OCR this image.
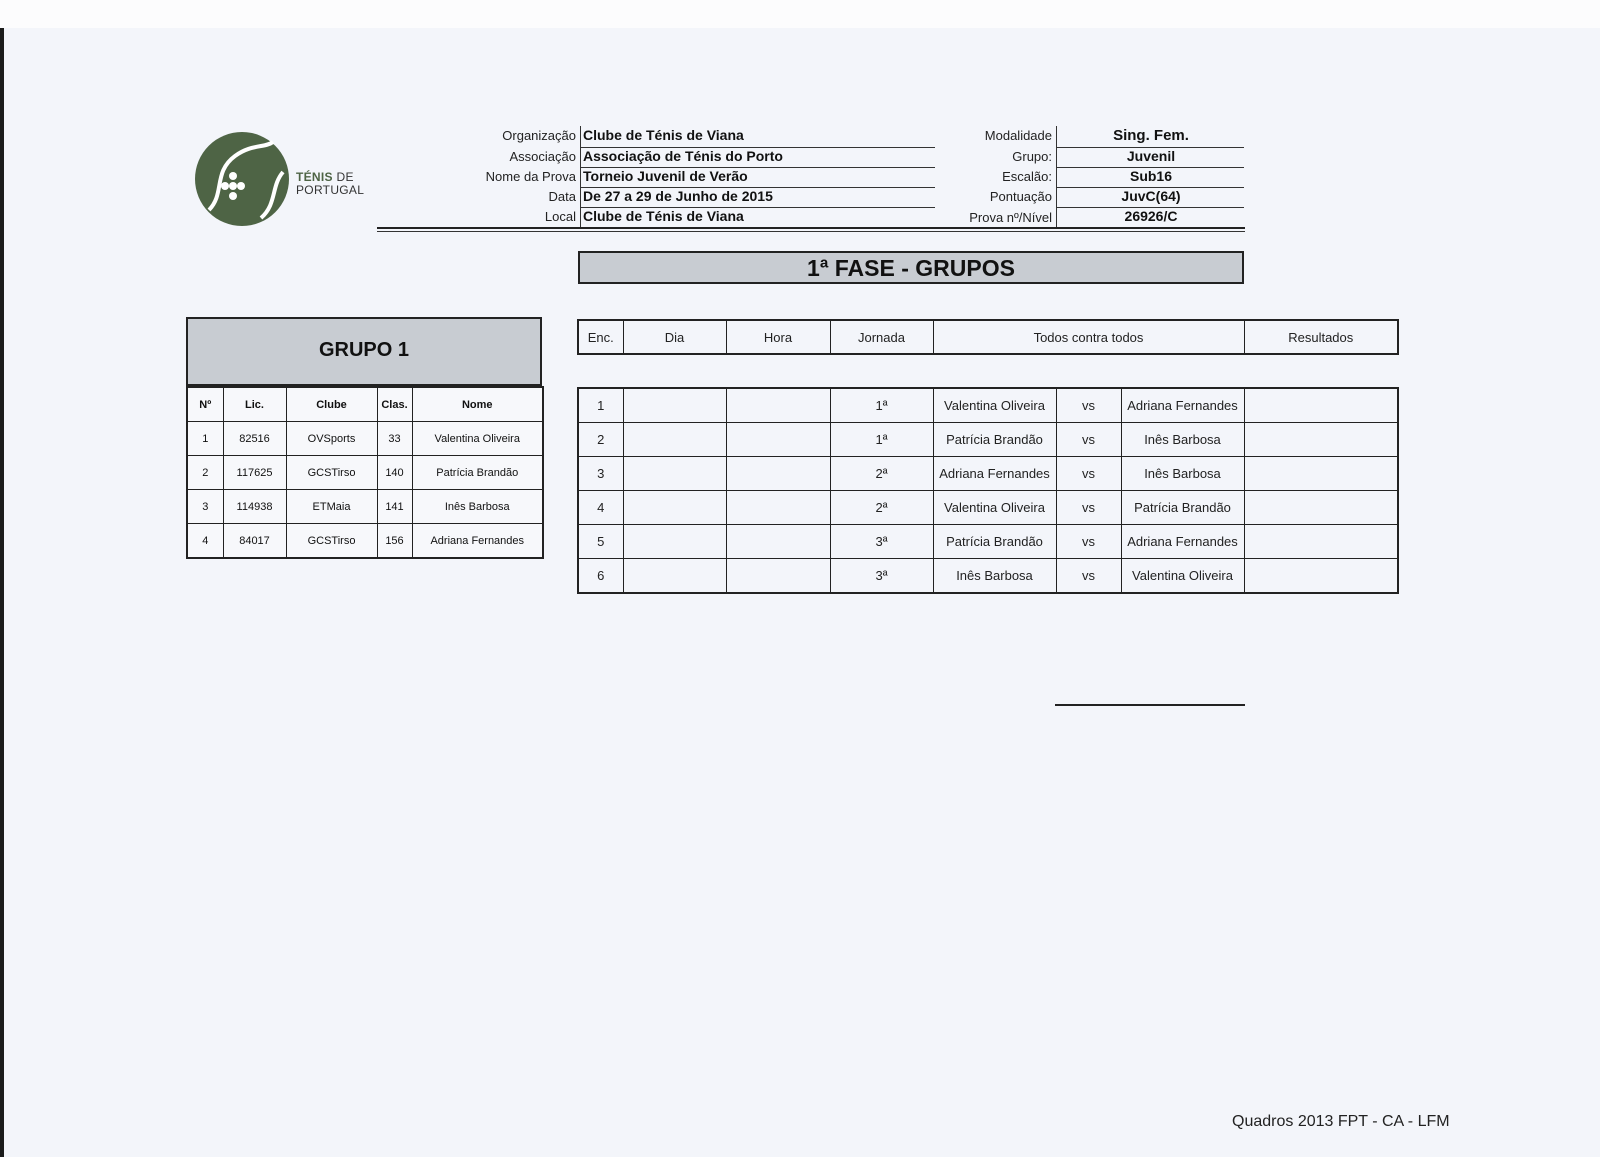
TÉNIS DE
PORTUGAL
Organização Clube de Ténis de Viana
Associação Associação de Ténis do Porto
Nome da Prova Torneio Juvenil de Verão
Data De 27 a 29 de Junho de 2015
Local Clube de Ténis de Viana
Modalidade	Sing. Fem.
Grupo:	Juvenil
Escalão:	Sub16
Pontuação	JuvC(64)
Prova nº/Nível	26926/C
1ª FASE - GRUPOS
GRUPO 1
Nº	Lic.	Clube	Clas.	Nome
1	82516	OVSports	33	Valentina Oliveira
2	117625	GCSTirso	140	Patrícia Brandão
3	114938	ETMaia	141	Inês Barbosa
4	84017	GCSTirso	156	Adriana Fernandes
Enc.	Dia	Hora	Jornada	Todos contra todos	Resultados
1			1ª	Valentina Oliveira	vs	Adriana Fernandes	
2			1ª	Patrícia Brandão	vs	Inês Barbosa	
3			2ª	Adriana Fernandes	vs	Inês Barbosa	
4			2ª	Valentina Oliveira	vs	Patrícia Brandão	
5			3ª	Patrícia Brandão	vs	Adriana Fernandes	
6			3ª	Inês Barbosa	vs	Valentina Oliveira	
Quadros 2013 FPT - CA - LFM
